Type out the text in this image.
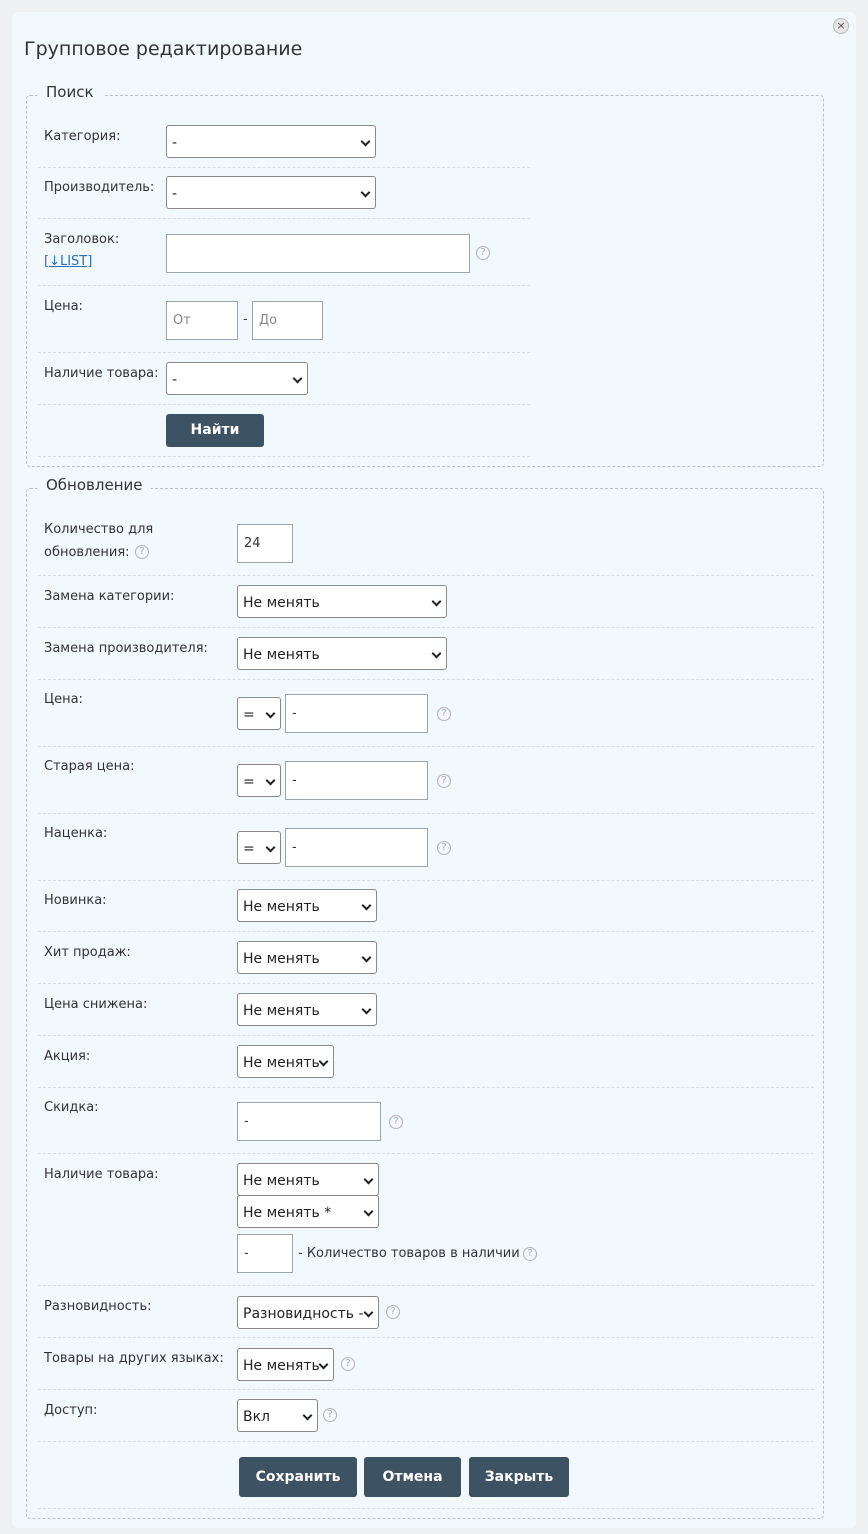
×
Групповое редактирование
Поиск
Категория:	-
Производитель: -
Заголовок:
[↓LIST]
?
Цена:
От
-
До
Наличие товара: -
Найти
Обновление
Количество для
обновления: ?
24
Замена категории:	Не менять
Замена производителя:	Не менять
Цена:
=
-	?
Старая цена:
=
-	?
Наценка:
=
-	?
Новинка:	Не менять
Хит продаж:	Не менять
Цена снижена:	Не менять
Акция:	Не менять
Скидка:
-
?
Наличие товара:	Не менять
Не менять *
-
- Количество товаров в наличии ?
Разновидность:	Разновидность -	?
Товары на других языках: Не менять	?
Доступ:	Вкл	?
Сохранить	Отмена	Закрыть
